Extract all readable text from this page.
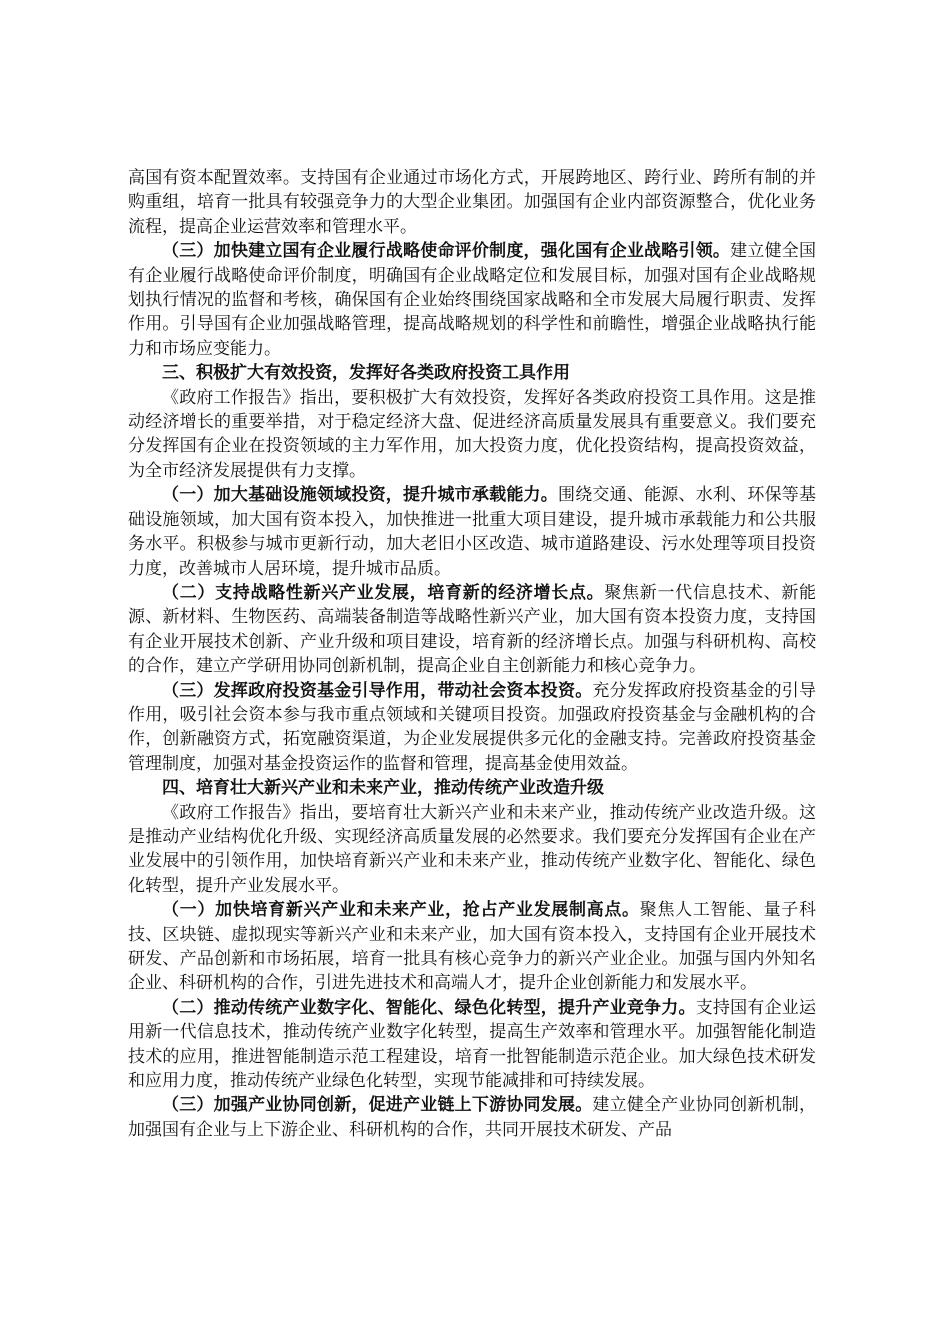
高国有资本配置效率。支持国有企业通过市场化方式，开展跨地区、跨行业、跨所有制的并购重组，培育一批具有较强竞争力的大型企业集团。加强国有企业内部资源整合，优化业务流程，提高企业运营效率和管理水平。

（三）加快建立国有企业履行战略使命评价制度，强化国有企业战略引领。建立健全国有企业履行战略使命评价制度，明确国有企业战略定位和发展目标，加强对国有企业战略规划执行情况的监督和考核，确保国有企业始终围绕国家战略和全市发展大局履行职责、发挥作用。引导国有企业加强战略管理，提高战略规划的科学性和前瞻性，增强企业战略执行能力和市场应变能力。

三、积极扩大有效投资，发挥好各类政府投资工具作用

《政府工作报告》指出，要积极扩大有效投资，发挥好各类政府投资工具作用。这是推动经济增长的重要举措，对于稳定经济大盘、促进经济高质量发展具有重要意义。我们要充分发挥国有企业在投资领域的主力军作用，加大投资力度，优化投资结构，提高投资效益，为全市经济发展提供有力支撑。

（一）加大基础设施领域投资，提升城市承载能力。围绕交通、能源、水利、环保等基础设施领域，加大国有资本投入，加快推进一批重大项目建设，提升城市承载能力和公共服务水平。积极参与城市更新行动，加大老旧小区改造、城市道路建设、污水处理等项目投资力度，改善城市人居环境，提升城市品质。

（二）支持战略性新兴产业发展，培育新的经济增长点。聚焦新一代信息技术、新能源、新材料、生物医药、高端装备制造等战略性新兴产业，加大国有资本投资力度，支持国有企业开展技术创新、产业升级和项目建设，培育新的经济增长点。加强与科研机构、高校的合作，建立产学研用协同创新机制，提高企业自主创新能力和核心竞争力。

（三）发挥政府投资基金引导作用，带动社会资本投资。充分发挥政府投资基金的引导作用，吸引社会资本参与我市重点领域和关键项目投资。加强政府投资基金与金融机构的合作，创新融资方式，拓宽融资渠道，为企业发展提供多元化的金融支持。完善政府投资基金管理制度，加强对基金投资运作的监督和管理，提高基金使用效益。

四、培育壮大新兴产业和未来产业，推动传统产业改造升级

《政府工作报告》指出，要培育壮大新兴产业和未来产业，推动传统产业改造升级。这是推动产业结构优化升级、实现经济高质量发展的必然要求。我们要充分发挥国有企业在产业发展中的引领作用，加快培育新兴产业和未来产业，推动传统产业数字化、智能化、绿色化转型，提升产业发展水平。

（一）加快培育新兴产业和未来产业，抢占产业发展制高点。聚焦人工智能、量子科技、区块链、虚拟现实等新兴产业和未来产业，加大国有资本投入，支持国有企业开展技术研发、产品创新和市场拓展，培育一批具有核心竞争力的新兴产业企业。加强与国内外知名企业、科研机构的合作，引进先进技术和高端人才，提升企业创新能力和发展水平。

（二）推动传统产业数字化、智能化、绿色化转型，提升产业竞争力。支持国有企业运用新一代信息技术，推动传统产业数字化转型，提高生产效率和管理水平。加强智能化制造技术的应用，推进智能制造示范工程建设，培育一批智能制造示范企业。加大绿色技术研发和应用力度，推动传统产业绿色化转型，实现节能减排和可持续发展。

（三）加强产业协同创新，促进产业链上下游协同发展。建立健全产业协同创新机制，加强国有企业与上下游企业、科研机构的合作，共同开展技术研发、产品
